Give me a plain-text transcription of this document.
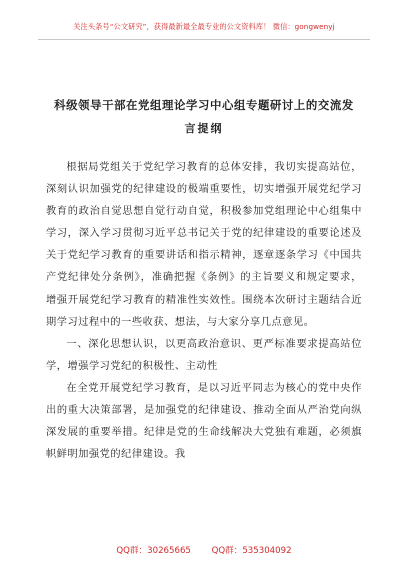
关注头条号“公文研究”，获得最新最全最专业的公文资料库！ 微信：gongwenyj
科级领导干部在党组理论学习中心组专题研讨上的交流发
言提纲

根据局党组关于党纪学习教育的总体安排，我切实提高站位，深刻认识加强党的纪律建设的极端重要性，切实增强开展党纪学习教育的政治自觉思想自觉行动自觉，积极参加党组理论中心组集中学习，深入学习贯彻习近平总书记关于党的纪律建设的重要论述及关于党纪学习教育的重要讲话和指示精神，逐章逐条学习《中国共产党纪律处分条例》，准确把握《条例》的主旨要义和规定要求，增强开展党纪学习教育的精准性实效性。围绕本次研讨主题结合近期学习过程中的一些收获、想法，与大家分享几点意见。

一、深化思想认识，以更高政治意识、更严标准要求提高站位学，增强学习党纪的积极性、主动性

在全党开展党纪学习教育，是以习近平同志为核心的党中央作出的重大决策部署，是加强党的纪律建设、推动全面从严治党向纵深发展的重要举措。纪律是党的生命线解决大党独有难题，必须旗帜鲜明加强党的纪律建设。我

QQ群：30265665 QQ群：535304092
